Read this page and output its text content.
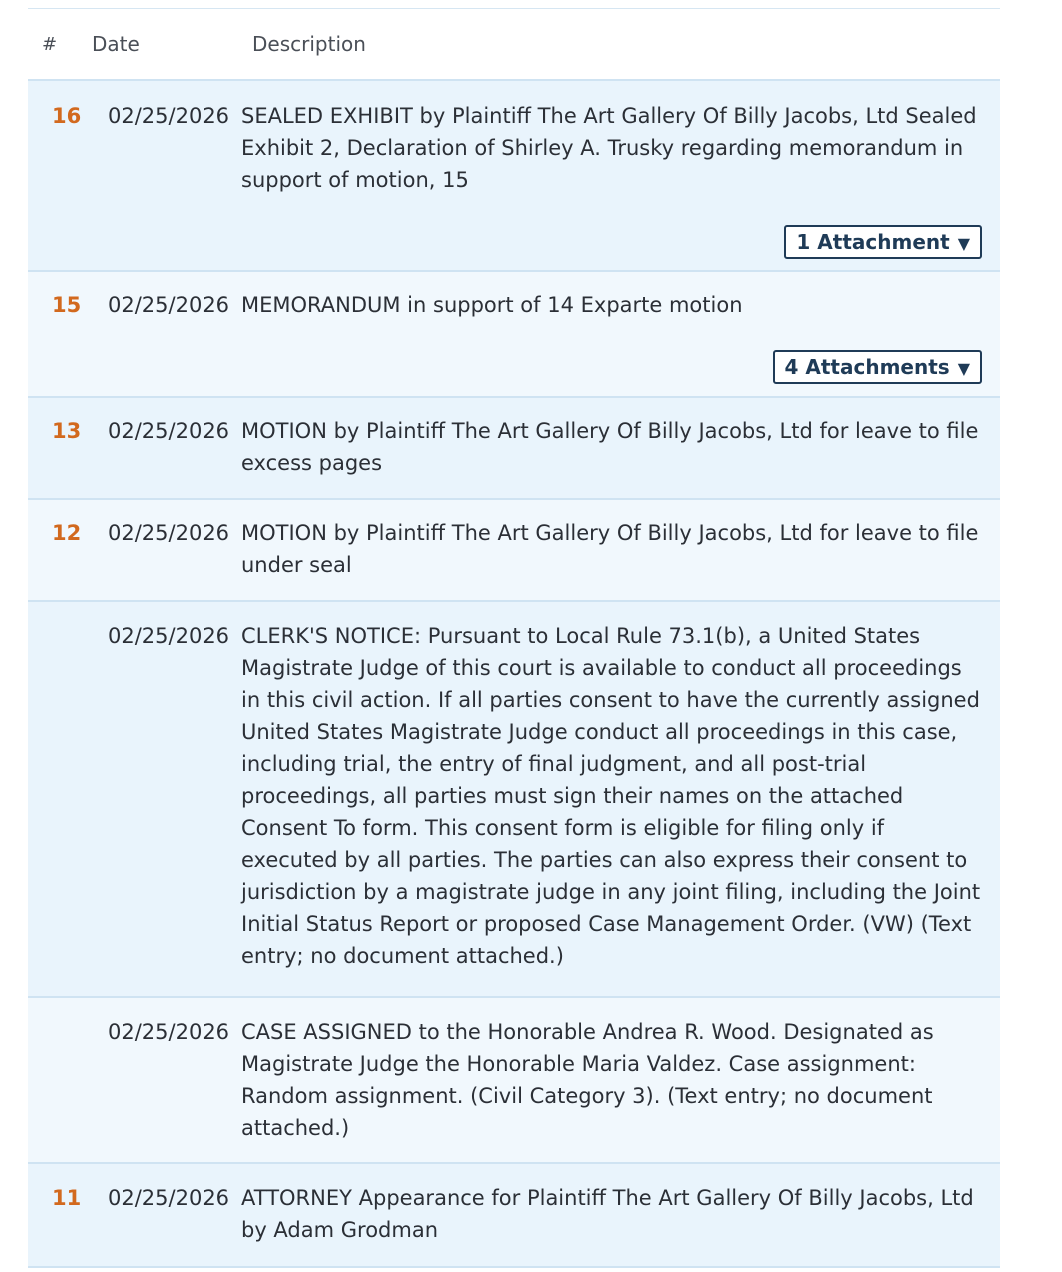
#	Date	Description
16	02/25/2026 SEALED EXHIBIT by Plaintiff The Art Gallery Of Billy Jacobs, Ltd Sealed Exhibit 2, Declaration of Shirley A. Trusky regarding memorandum in support of motion, 15
1 Attachment ▼
15	02/25/2026 MEMORANDUM in support of 14 Exparte motion
4 Attachments ▼
13	02/25/2026 MOTION by Plaintiff The Art Gallery Of Billy Jacobs, Ltd for leave to file excess pages
12	02/25/2026 MOTION by Plaintiff The Art Gallery Of Billy Jacobs, Ltd for leave to file under seal
02/25/2026 CLERK'S NOTICE: Pursuant to Local Rule 73.1(b), a United States Magistrate Judge of this court is available to conduct all proceedings in this civil action. If all parties consent to have the currently assigned United States Magistrate Judge conduct all proceedings in this case, including trial, the entry of final judgment, and all post-trial proceedings, all parties must sign their names on the attached Consent To form. This consent form is eligible for filing only if executed by all parties. The parties can also express their consent to jurisdiction by a magistrate judge in any joint filing, including the Joint Initial Status Report or proposed Case Management Order. (VW) (Text entry; no document attached.)
02/25/2026 CASE ASSIGNED to the Honorable Andrea R. Wood. Designated as Magistrate Judge the Honorable Maria Valdez. Case assignment: Random assignment. (Civil Category 3). (Text entry; no document attached.)
11	02/25/2026 ATTORNEY Appearance for Plaintiff The Art Gallery Of Billy Jacobs, Ltd by Adam Grodman
